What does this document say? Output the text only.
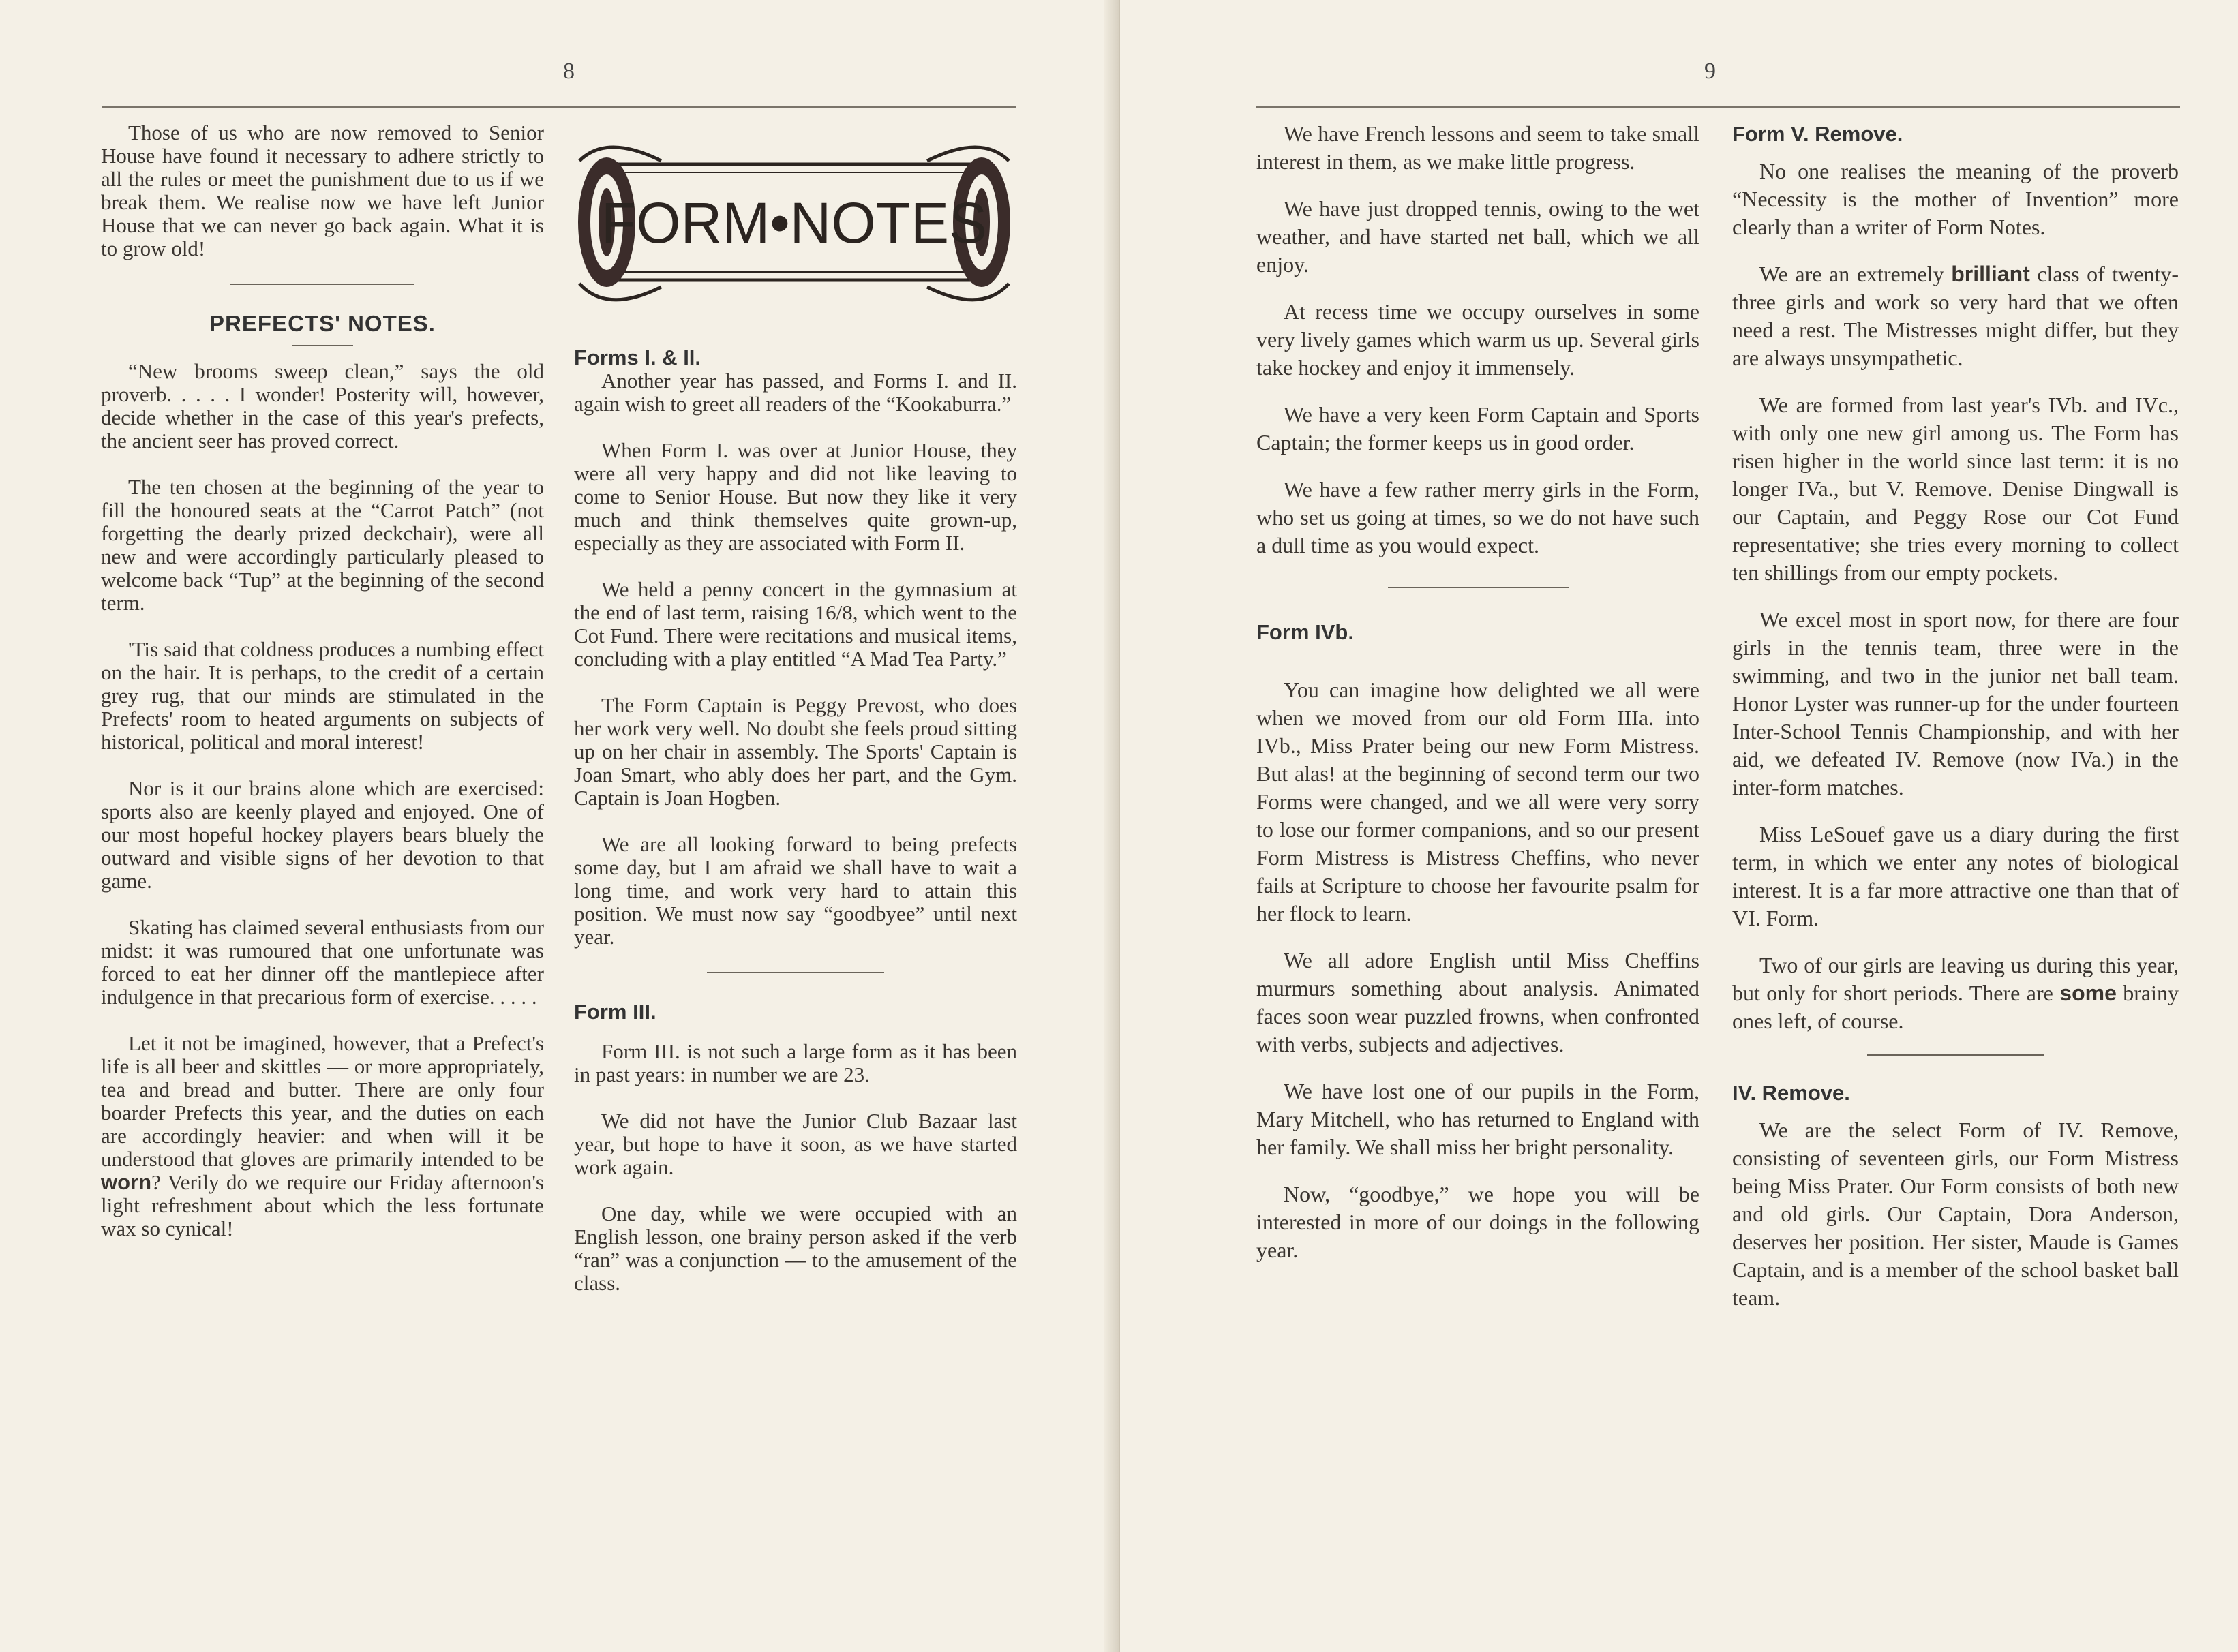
8

Those of us who are now removed to Senior House have found it necessary to adhere strictly to all the rules or meet the punishment due to us if we break them. We realise now we have left Junior House that we can never go back again. What it is to grow old!

PREFECTS' NOTES.

“New brooms sweep clean,” says the old proverb. . . . . I wonder! Posterity will, however, decide whether in the case of this year's prefects, the ancient seer has proved correct.

The ten chosen at the beginning of the year to fill the honoured seats at the “Carrot Patch” (not forgetting the dearly prized deckchair), were all new and were accordingly particularly pleased to welcome back “Tup” at the beginning of the second term.

'Tis said that coldness produces a numbing effect on the hair. It is perhaps, to the credit of a certain grey rug, that our minds are stimulated in the Prefects' room to heated arguments on subjects of historical, political and moral interest!

Nor is it our brains alone which are exercised: sports also are keenly played and enjoyed. One of our most hopeful hockey players bears bluely the outward and visible signs of her devotion to that game.

Skating has claimed several enthusiasts from our midst: it was rumoured that one unfortunate was forced to eat her dinner off the mantlepiece after indulgence in that precarious form of exercise. . . . .

Let it not be imagined, however, that a Prefect's life is all beer and skittles — or more appropriately, tea and bread and butter. There are only four boarder Prefects this year, and the duties on each are accordingly heavier: and when will it be understood that gloves are primarily intended to be worn? Verily do we require our Friday afternoon's light refreshment about which the less fortunate wax so cynical!

FORM•NOTES
Forms I. & II.

Another year has passed, and Forms I. and II. again wish to greet all readers of the “Kookaburra.”

When Form I. was over at Junior House, they were all very happy and did not like leaving to come to Senior House. But now they like it very much and think themselves quite grown-up, especially as they are associated with Form II.

We held a penny concert in the gymnasium at the end of last term, raising 16/8, which went to the Cot Fund. There were recitations and musical items, concluding with a play entitled “A Mad Tea Party.”

The Form Captain is Peggy Prevost, who does her work very well. No doubt she feels proud sitting up on her chair in assembly. The Sports' Captain is Joan Smart, who ably does her part, and the Gym. Captain is Joan Hogben.

We are all looking forward to being prefects some day, but I am afraid we shall have to wait a long time, and work very hard to attain this position. We must now say “goodbyee” until next year.

Form III.

Form III. is not such a large form as it has been in past years: in number we are 23.

We did not have the Junior Club Bazaar last year, but hope to have it soon, as we have started work again.

One day, while we were occupied with an English lesson, one brainy person asked if the verb “ran” was a conjunction — to the amusement of the class.

9

We have French lessons and seem to take small interest in them, as we make little progress.

We have just dropped tennis, owing to the wet weather, and have started net ball, which we all enjoy.

At recess time we occupy ourselves in some very lively games which warm us up. Several girls take hockey and enjoy it immensely.

We have a very keen Form Captain and Sports Captain; the former keeps us in good order.

We have a few rather merry girls in the Form, who set us going at times, so we do not have such a dull time as you would expect.

Form IVb.

You can imagine how delighted we all were when we moved from our old Form IIIa. into IVb., Miss Prater being our new Form Mistress. But alas! at the beginning of second term our two Forms were changed, and we all were very sorry to lose our former companions, and so our present Form Mistress is Mistress Cheffins, who never fails at Scripture to choose her favourite psalm for her flock to learn.

We all adore English until Miss Cheffins murmurs something about analysis. Animated faces soon wear puzzled frowns, when confronted with verbs, subjects and adjectives.

We have lost one of our pupils in the Form, Mary Mitchell, who has returned to England with her family. We shall miss her bright personality.

Now, “goodbye,” we hope you will be interested in more of our doings in the following year.

Form V. Remove.

No one realises the meaning of the proverb “Necessity is the mother of Invention” more clearly than a writer of Form Notes.

We are an extremely brilliant class of twenty-three girls and work so very hard that we often need a rest. The Mistresses might differ, but they are always unsympathetic.

We are formed from last year's IVb. and IVc., with only one new girl among us. The Form has risen higher in the world since last term: it is no longer IVa., but V. Remove. Denise Dingwall is our Captain, and Peggy Rose our Cot Fund representative; she tries every morning to collect ten shillings from our empty pockets.

We excel most in sport now, for there are four girls in the tennis team, three were in the swimming, and two in the junior net ball team. Honor Lyster was runner-up for the under fourteen Inter-School Tennis Championship, and with her aid, we defeated IV. Remove (now IVa.) in the inter-form matches.

Miss LeSouef gave us a diary during the first term, in which we enter any notes of biological interest. It is a far more attractive one than that of VI. Form.

Two of our girls are leaving us during this year, but only for short periods. There are some brainy ones left, of course.

IV. Remove.

We are the select Form of IV. Remove, consisting of seventeen girls, our Form Mistress being Miss Prater. Our Form consists of both new and old girls. Our Captain, Dora Anderson, deserves her position. Her sister, Maude is Games Captain, and is a member of the school basket ball team.
